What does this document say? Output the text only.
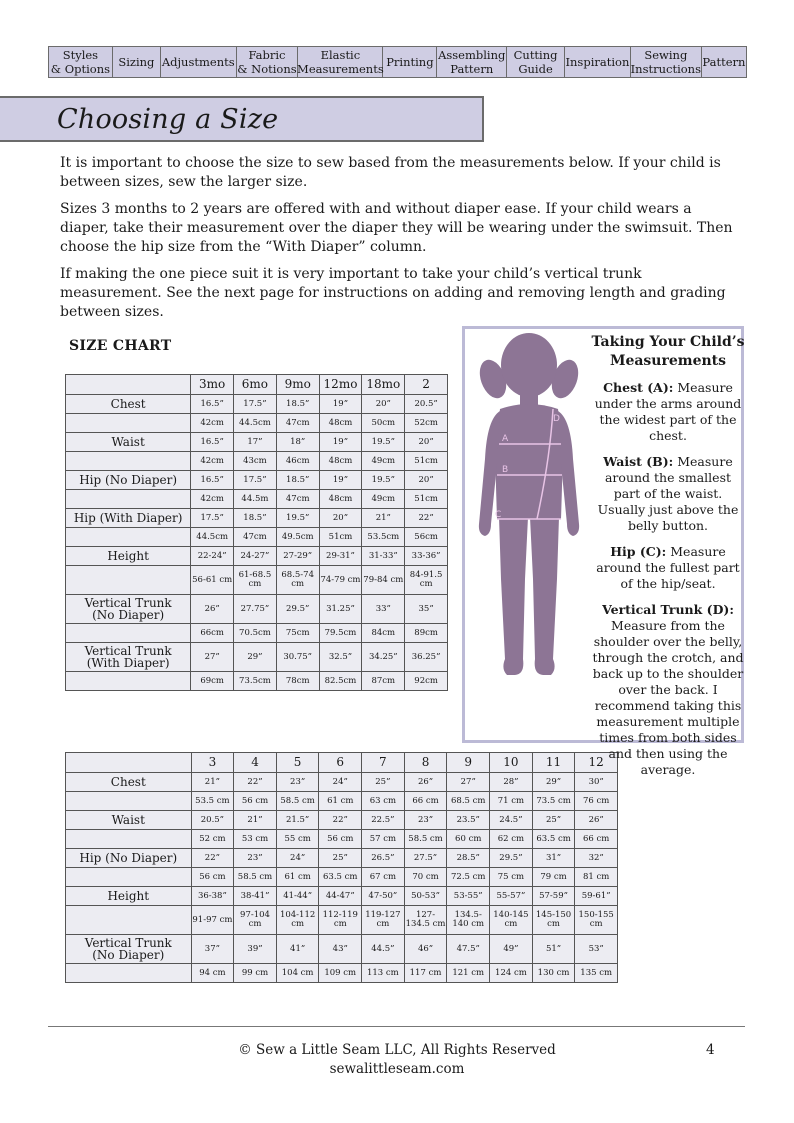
Styles
& Options Sizing Adjustments	Fabric
& Notions
Elastic
Measurements Printing Assembling
Pattern
Cutting
Guide	Inspiration	Sewing
Instructions Pattern
Choosing a Size

It is important to choose the size to sew based from the measurements below. If your child is between sizes, sew the larger size.

Sizes 3 months to 2 years are offered with and without diaper ease. If your child wears a diaper, take their measurement over the diaper they will be wearing under the swimsuit. Then choose the hip size from the “With Diaper” column.

If making the one piece suit it is very important to take your child’s vertical trunk measurement. See the next page for instructions on adding and removing length and grading between sizes.

SIZE CHART
	3mo	6mo	9mo	12mo	18mo	2
Chest	16.5”	17.5”	18.5”	19”	20”	20.5”
	42cm	44.5cm	47cm	48cm	50cm	52cm
Waist	16.5”	17”	18”	19”	19.5”	20”
	42cm	43cm	46cm	48cm	49cm	51cm
Hip (No Diaper)	16.5”	17.5”	18.5”	19”	19.5”	20”
	42cm	44.5m	47cm	48cm	49cm	51cm
Hip (With Diaper)	17.5”	18.5”	19.5”	20”	21”	22”
	44.5cm	47cm	49.5cm	51cm	53.5cm	56cm
Height	22-24”	24-27”	27-29”	29-31”	31-33”	33-36”
	56-61 cm	61-68.5 cm	68.5-74 cm	74-79 cm	79-84 cm	84-91.5 cm
Vertical Trunk
(No Diaper)	26”	27.75”	29.5”	31.25”	33”	35”
	66cm	70.5cm	75cm	79.5cm	84cm	89cm
Vertical Trunk
(With Diaper)	27”	29”	30.75”	32.5”	34.25”	36.25”
	69cm	73.5cm	78cm	82.5cm	87cm	92cm
	3	4	5	6	7	8	9	10	11	12
Chest	21”	22”	23”	24”	25”	26”	27”	28”	29”	30”
	53.5 cm	56 cm	58.5 cm	61 cm	63 cm	66 cm	68.5 cm	71 cm	73.5 cm	76 cm
Waist	20.5”	21”	21.5”	22”	22.5”	23”	23.5”	24.5”	25”	26”
	52 cm	53 cm	55 cm	56 cm	57 cm	58.5 cm	60 cm	62 cm	63.5 cm	66 cm
Hip (No Diaper)	22”	23”	24”	25”	26.5”	27.5”	28.5”	29.5”	31”	32”
	56 cm	58.5 cm	61 cm	63.5 cm	67 cm	70 cm	72.5 cm	75 cm	79 cm	81 cm
Height	36-38”	38-41”	41-44”	44-47”	47-50”	50-53”	53-55”	55-57”	57-59”	59-61”
	91-97 cm	97-104 cm	104-112 cm	112-119 cm	119-127 cm	127-134.5 cm	134.5-140 cm	140-145 cm	145-150 cm	150-155 cm
Vertical Trunk
(No Diaper)	37”	39”	41”	43”	44.5”	46”	47.5”	49”	51”	53”
	94 cm	99 cm	104 cm	109 cm	113 cm	117 cm	121 cm	124 cm	130 cm	135 cm
A
B
C
D
Taking Your Child’s Measurements

Chest (A): Measure under the arms around the widest part of the chest.

Waist (B): Measure around the smallest part of the waist. Usually just above the belly button.

Hip (C): Measure around the fullest part of the hip/seat.

Vertical Trunk (D): Measure from the shoulder over the belly, through the crotch, and back up to the shoulder over the back. I recommend taking this measurement multiple times from both sides and then using the average.

© Sew a Little Seam LLC, All Rights Reserved
sewalittleseam.com
4
